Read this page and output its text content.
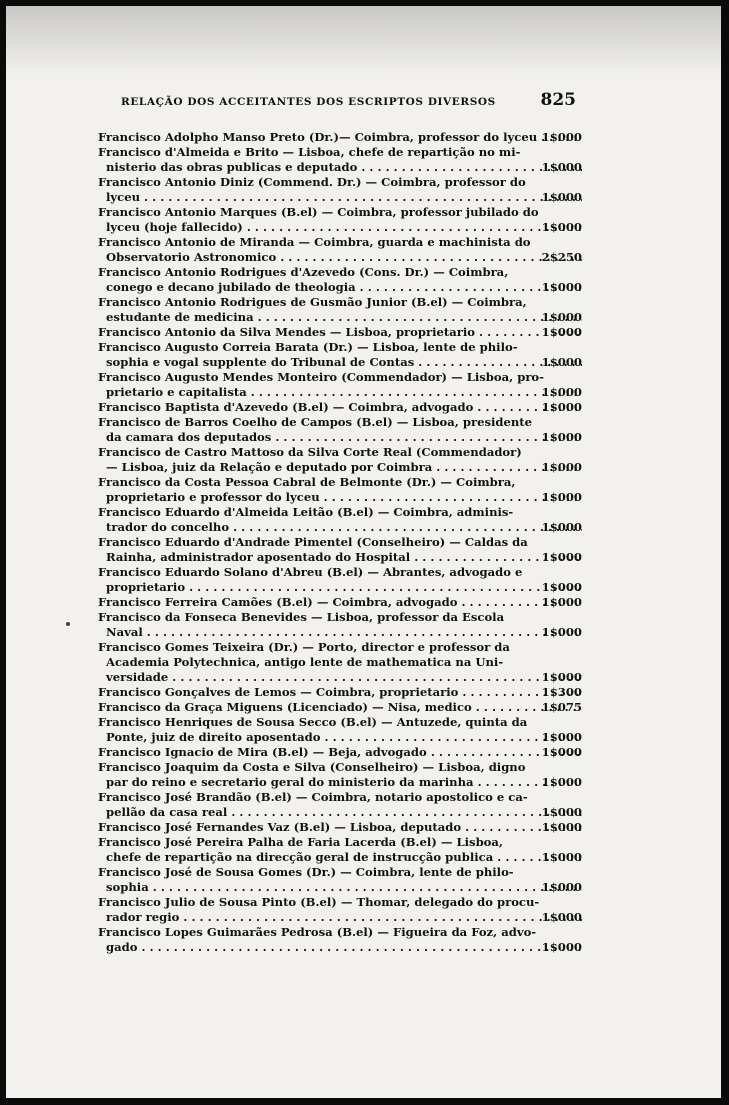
RELAÇÃO DOS ACCEITANTES DOS ESCRIPTOS DIVERSOS	825
Francisco Adolpho Manso Preto (Dr.)— Coimbra, professor do lyceu . . . 1$000
Francisco d'Almeida e Brito — Lisboa, chefe de repartição no mi-
nisterio das obras publicas e deputado . . .	1$000
Francisco Antonio Diniz (Commend. Dr.) — Coimbra, professor do
lyceu . . .	1$000
Francisco Antonio Marques (B.el) — Coimbra, professor jubilado do
lyceu (hoje fallecido) . . .	1$000
Francisco Antonio de Miranda — Coimbra, guarda e machinista do
Observatorio Astronomico . . .	2$250
Francisco Antonio Rodrigues d'Azevedo (Cons. Dr.) — Coimbra,
conego e decano jubilado de theologia . . .	1$000
Francisco Antonio Rodrigues de Gusmão Junior (B.el) — Coimbra,
estudante de medicina . . .	1$000
Francisco Antonio da Silva Mendes — Lisboa, proprietario . . .	1$000
Francisco Augusto Correia Barata (Dr.) — Lisboa, lente de philo-
sophia e vogal supplente do Tribunal de Contas . . .	1$000
Francisco Augusto Mendes Monteiro (Commendador) — Lisboa, pro-
prietario e capitalista . . .	1$000
Francisco Baptista d'Azevedo (B.el) — Coimbra, advogado . . .	1$000
Francisco de Barros Coelho de Campos (B.el) — Lisboa, presidente
da camara dos deputados . . .	1$000
Francisco de Castro Mattoso da Silva Corte Real (Commendador)
— Lisboa, juiz da Relação e deputado por Coimbra . . .	1$000
Francisco da Costa Pessoa Cabral de Belmonte (Dr.) — Coimbra,
proprietario e professor do lyceu . . .	1$000
Francisco Eduardo d'Almeida Leitão (B.el) — Coimbra, adminis-
trador do concelho . . .	1$000
Francisco Eduardo d'Andrade Pimentel (Conselheiro) — Caldas da
Rainha, administrador aposentado do Hospital . . .	1$000
Francisco Eduardo Solano d'Abreu (B.el) — Abrantes, advogado e
proprietario . . .	1$000
Francisco Ferreira Camões (B.el) — Coimbra, advogado . . .	1$000
Francisco da Fonseca Benevides — Lisboa, professor da Escola
Naval . . .	1$000
Francisco Gomes Teixeira (Dr.) — Porto, director e professor da
Academia Polytechnica, antigo lente de mathematica na Uni-
versidade . . .	1$000
Francisco Gonçalves de Lemos — Coimbra, proprietario . . .	1$300
Francisco da Graça Miguens (Licenciado) — Nisa, medico . . .	1$075
Francisco Henriques de Sousa Secco (B.el) — Antuzede, quinta da
Ponte, juiz de direito aposentado . . .	1$000
Francisco Ignacio de Mira (B.el) — Beja, advogado . . .	1$000
Francisco Joaquim da Costa e Silva (Conselheiro) — Lisboa, digno
par do reino e secretario geral do ministerio da marinha . . .	1$000
Francisco José Brandão (B.el) — Coimbra, notario apostolico e ca-
pellão da casa real . . .	1$000
Francisco José Fernandes Vaz (B.el) — Lisboa, deputado . . .	1$000
Francisco José Pereira Palha de Faria Lacerda (B.el) — Lisboa,
chefe de repartição na direcção geral de instrucção publica . . .	1$000
Francisco José de Sousa Gomes (Dr.) — Coimbra, lente de philo-
sophia . . .	1$000
Francisco Julio de Sousa Pinto (B.el) — Thomar, delegado do procu-
rador regio . . .	1$000
Francisco Lopes Guimarães Pedrosa (B.el) — Figueira da Foz, advo-
gado . . .	1$000
